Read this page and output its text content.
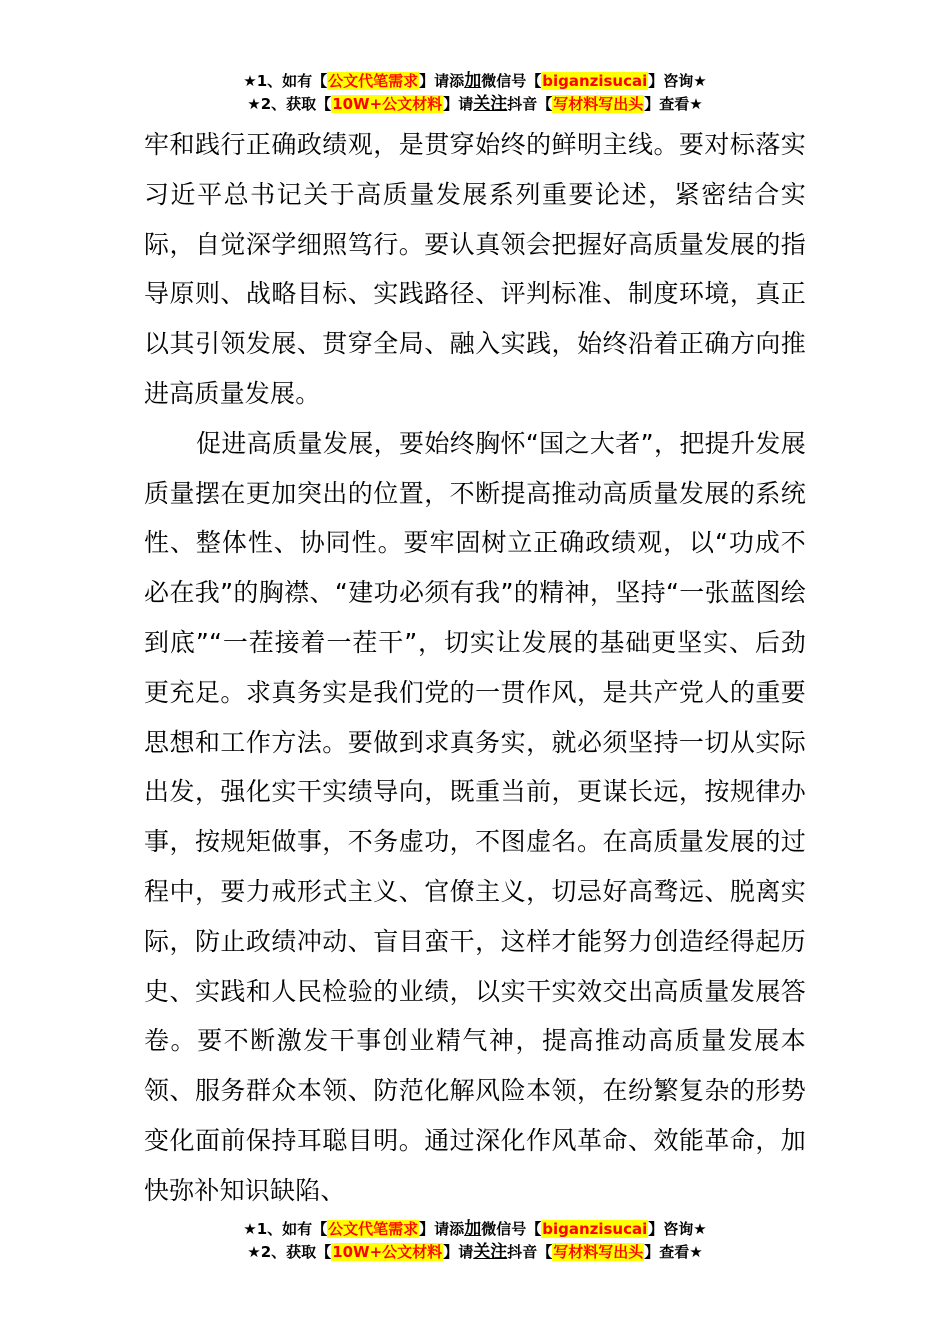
★1、如有【公文代笔需求】请添加微信号【biganzisucai】咨询★
★2、获取【10W+公文材料】请关注抖音【写材料写出头】查看★

牢和践行正确政绩观，是贯穿始终的鲜明主线。要对标落实习近平总书记关于高质量发展系列重要论述，紧密结合实际，自觉深学细照笃行。要认真领会把握好高质量发展的指导原则、战略目标、实践路径、评判标准、制度环境，真正以其引领发展、贯穿全局、融入实践，始终沿着正确方向推进高质量发展。

促进高质量发展，要始终胸怀“国之大者”，把提升发展质量摆在更加突出的位置，不断提高推动高质量发展的系统性、整体性、协同性。要牢固树立正确政绩观，以“功成不必在我”的胸襟、“建功必须有我”的精神，坚持“一张蓝图绘到底”“一茬接着一茬干”，切实让发展的基础更坚实、后劲更充足。求真务实是我们党的一贯作风，是共产党人的重要思想和工作方法。要做到求真务实，就必须坚持一切从实际出发，强化实干实绩导向，既重当前，更谋长远，按规律办事，按规矩做事，不务虚功，不图虚名。在高质量发展的过程中，要力戒形式主义、官僚主义，切忌好高骛远、脱离实际，防止政绩冲动、盲目蛮干，这样才能努力创造经得起历史、实践和人民检验的业绩，以实干实效交出高质量发展答卷。要不断激发干事创业精气神，提高推动高质量发展本领、服务群众本领、防范化解风险本领，在纷繁复杂的形势变化面前保持耳聪目明。通过深化作风革命、效能革命，加快弥补知识缺陷、

★1、如有【公文代笔需求】请添加微信号【biganzisucai】咨询★
★2、获取【10W+公文材料】请关注抖音【写材料写出头】查看★
